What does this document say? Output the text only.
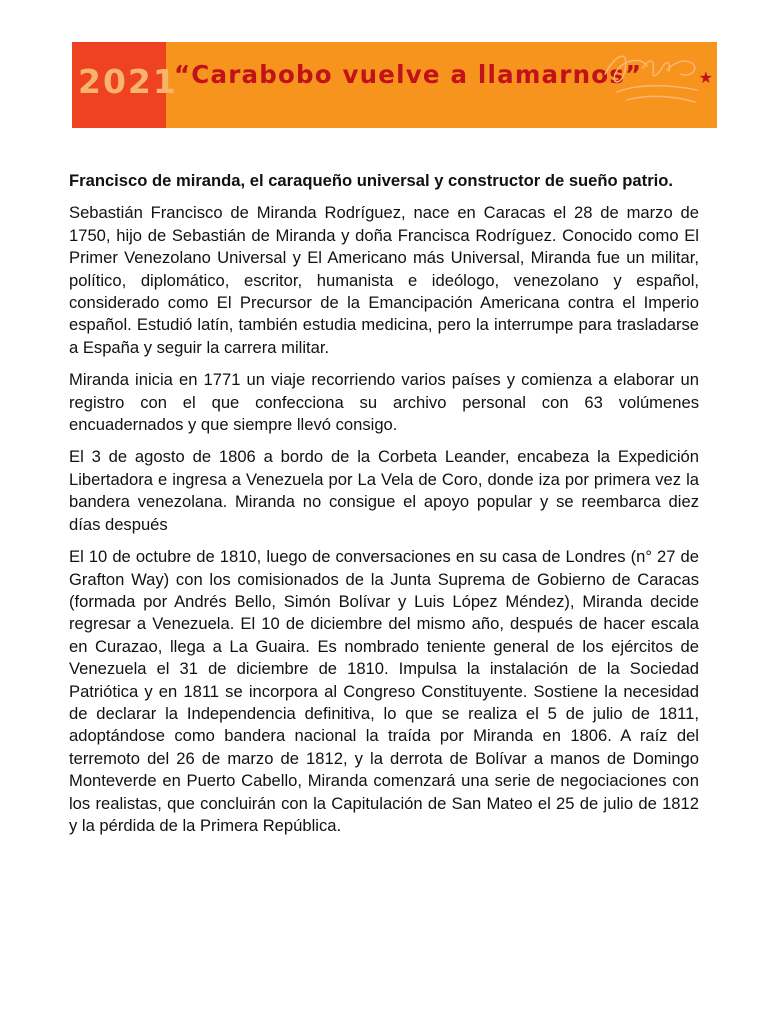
2021
“Carabobo vuelve a llamarnos”	★

Francisco de miranda, el caraqueño universal y constructor de sueño patrio.

Sebastián Francisco de Miranda Rodríguez, nace en Caracas el 28 de marzo de 1750, hijo de Sebastián de Miranda y doña Francisca Rodríguez. Conocido como El Primer Venezolano Universal y El Americano más Universal, Miranda fue un militar, político, diplomático, escritor, humanista e ideólogo, venezolano y español, considerado como El Precursor de la Emancipación Americana contra el Imperio español. Estudió latín, también estudia medicina, pero la interrumpe para trasladarse a España y seguir la carrera militar.

Miranda inicia en 1771 un viaje recorriendo varios países y comienza a elaborar un registro con el que confecciona su archivo personal con 63 volúmenes encuadernados y que siempre llevó consigo.

El 3 de agosto de 1806 a bordo de la Corbeta Leander, encabeza la Expedición Libertadora e ingresa a Venezuela por La Vela de Coro, donde iza por primera vez la bandera venezolana. Miranda no consigue el apoyo popular y se reembarca diez días después

El 10 de octubre de 1810, luego de conversaciones en su casa de Londres (n° 27 de Grafton Way) con los comisionados de la Junta Suprema de Gobierno de Caracas (formada por Andrés Bello, Simón Bolívar y Luis López Méndez), Miranda decide regresar a Venezuela. El 10 de diciembre del mismo año, después de hacer escala en Curazao, llega a La Guaira. Es nombrado teniente general de los ejércitos de Venezuela el 31 de diciembre de 1810. Impulsa la instalación de la Sociedad Patriótica y en 1811 se incorpora al Congreso Constituyente. Sostiene la necesidad de declarar la Independencia definitiva, lo que se realiza el 5 de julio de 1811, adoptándose como bandera nacional la traída por Miranda en 1806. A raíz del terremoto del 26 de marzo de 1812, y la derrota de Bolívar a manos de Domingo Monteverde en Puerto Cabello, Miranda comenzará una serie de negociaciones con los realistas, que concluirán con la Capitulación de San Mateo el 25 de julio de 1812 y la pérdida de la Primera República.
